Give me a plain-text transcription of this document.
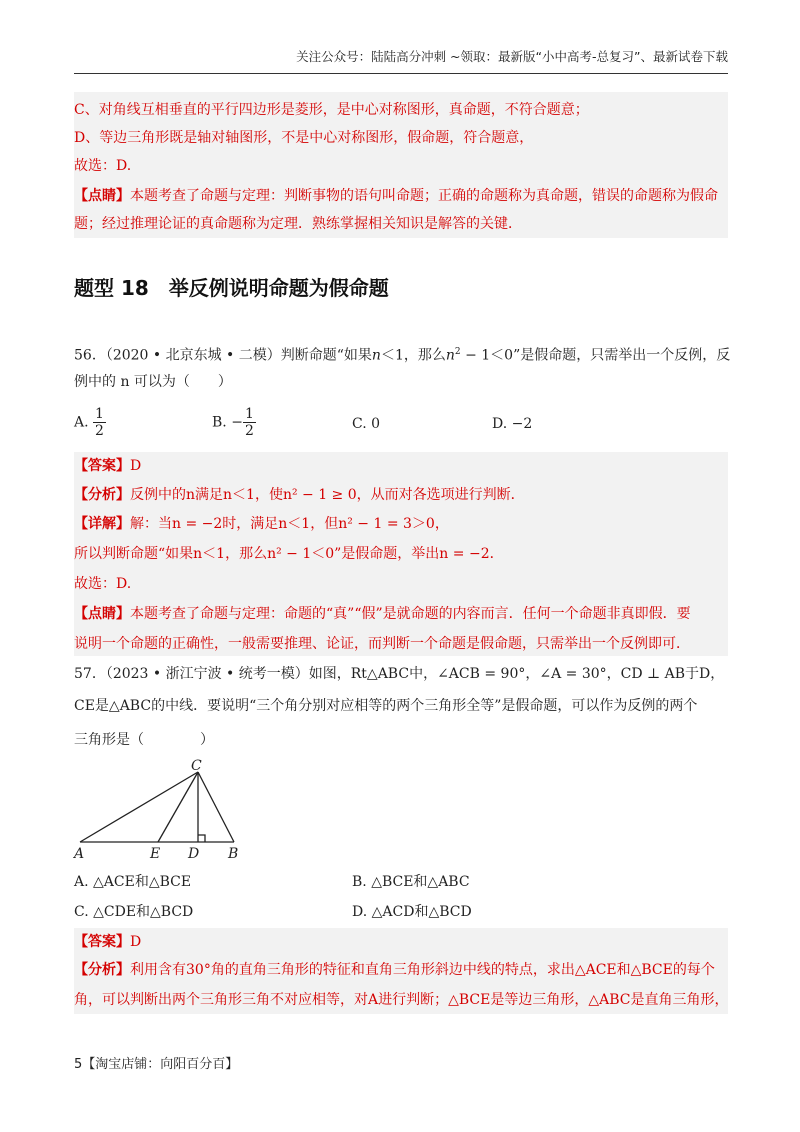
关注公众号：陆陆高分冲刺 ~领取：最新版“小中高考-总复习”、最新试卷下载
C、对角线互相垂直的平行四边形是菱形，是中心对称图形，真命题，不符合题意；
D、等边三角形既是轴对轴图形，不是中心对称图形，假命题，符合题意，
故选：D.
【点睛】本题考查了命题与定理：判断事物的语句叫命题；正确的命题称为真命题，错误的命题称为假命
题；经过推理论证的真命题称为定理．熟练掌握相关知识是解答的关键．
题型 18　举反例说明命题为假命题
56．（2020 • 北京东城 • 二模）判断命题“如果n＜1，那么$n^2 - 1<0$”是假命题，只需举出一个反例，反
例中的 n 可以为（　　）
A. $\frac{1}{2}$	B. − $\frac{1}{2}$	C. 0	D. −2
【答案】D
【分析】反例中的n满足n＜1，使n² − 1 ≥ 0，从而对各选项进行判断．
【详解】解：当n = −2时，满足n＜1，但n² − 1 = 3＞0，
所以判断命题“如果n＜1，那么n² − 1＜0”是假命题，举出n = −2．
故选：D.
【点睛】本题考查了命题与定理：命题的“真”“假”是就命题的内容而言．任何一个命题非真即假．要
说明一个命题的正确性，一般需要推理、论证，而判断一个命题是假命题，只需举出一个反例即可．
57．（2023 • 浙江宁波 • 统考一模）如图，Rt△ABC中，∠ACB = 90°，∠A = 30°，CD ⊥ AB于D，
CE是△ABC的中线．要说明“三个角分别对应相等的两个三角形全等”是假命题，可以作为反例的两个
三角形是（　　　　）
C
A	E D B
A. △ACE和△BCE	B. △BCE和△ABC
C. △CDE和△BCD	D. △ACD和△BCD
【答案】D
【分析】利用含有30°角的直角三角形的特征和直角三角形斜边中线的特点，求出△ACE和△BCE的每个
角，可以判断出两个三角形三角不对应相等，对A进行判断；△BCE是等边三角形，△ABC是直角三角形，
5【淘宝店铺：向阳百分百】
